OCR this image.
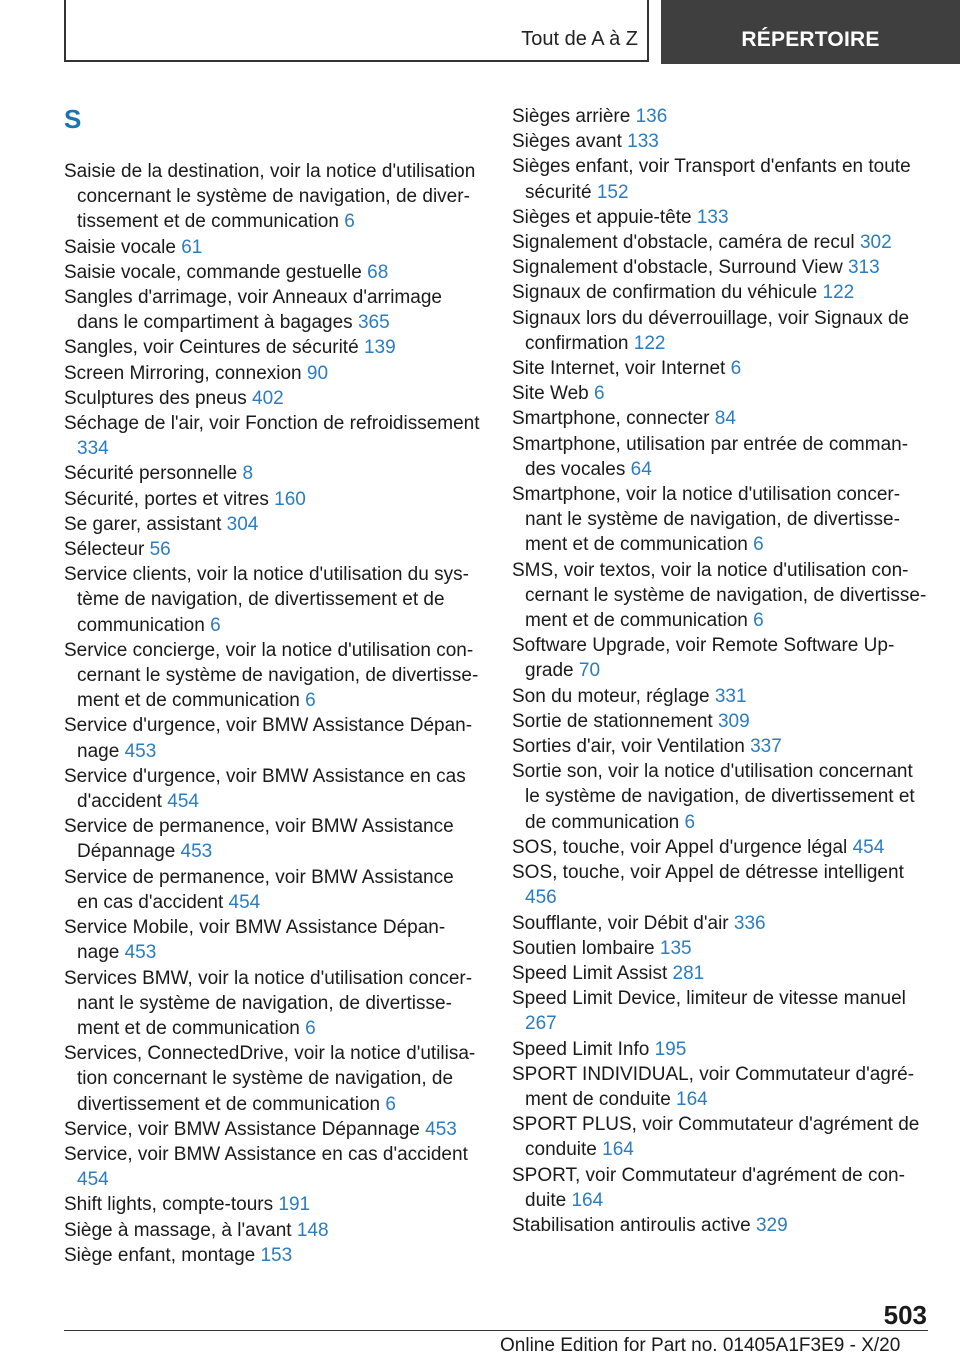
Tout de A à Z	RÉPERTOIRE
S
Saisie de la destination, voir la notice d'utilisation concernant le système de navigation, de divertissement et de communication 6
Saisie vocale 61
Saisie vocale, commande gestuelle 68
Sangles d'arrimage, voir Anneaux d'arrimage dans le compartiment à bagages 365
Sangles, voir Ceintures de sécurité 139
Screen Mirroring, connexion 90
Sculptures des pneus 402
Séchage de l'air, voir Fonction de refroidissement 334
Sécurité personnelle 8
Sécurité, portes et vitres 160
Se garer, assistant 304
Sélecteur 56
Service clients, voir la notice d'utilisation du système de navigation, de divertissement et de communication 6
Service concierge, voir la notice d'utilisation concernant le système de navigation, de divertissement et de communication 6
Service d'urgence, voir BMW Assistance Dépannage 453
Service d'urgence, voir BMW Assistance en cas d'accident 454
Service de permanence, voir BMW Assistance Dépannage 453
Service de permanence, voir BMW Assistance en cas d'accident 454
Service Mobile, voir BMW Assistance Dépannage 453
Services BMW, voir la notice d'utilisation concernant le système de navigation, de divertissement et de communication 6
Services, ConnectedDrive, voir la notice d'utilisation concernant le système de navigation, de divertissement et de communication 6
Service, voir BMW Assistance Dépannage 453
Service, voir BMW Assistance en cas d'accident 454
Shift lights, compte-tours 191
Siège à massage, à l'avant 148
Siège enfant, montage 153
Sièges arrière 136
Sièges avant 133
Sièges enfant, voir Transport d'enfants en toute sécurité 152
Sièges et appuie-tête 133
Signalement d'obstacle, caméra de recul 302
Signalement d'obstacle, Surround View 313
Signaux de confirmation du véhicule 122
Signaux lors du déverrouillage, voir Signaux de confirmation 122
Site Internet, voir Internet 6
Site Web 6
Smartphone, connecter 84
Smartphone, utilisation par entrée de commandes vocales 64
Smartphone, voir la notice d'utilisation concernant le système de navigation, de divertissement et de communication 6
SMS, voir textos, voir la notice d'utilisation concernant le système de navigation, de divertissement et de communication 6
Software Upgrade, voir Remote Software Upgrade 70
Son du moteur, réglage 331
Sortie de stationnement 309
Sorties d'air, voir Ventilation 337
Sortie son, voir la notice d'utilisation concernant le système de navigation, de divertissement et de communication 6
SOS, touche, voir Appel d'urgence légal 454
SOS, touche, voir Appel de détresse intelligent 456
Soufflante, voir Débit d'air 336
Soutien lombaire 135
Speed Limit Assist 281
Speed Limit Device, limiteur de vitesse manuel 267
Speed Limit Info 195
SPORT INDIVIDUAL, voir Commutateur d'agrément de conduite 164
SPORT PLUS, voir Commutateur d'agrément de conduite 164
SPORT, voir Commutateur d'agrément de conduite 164
Stabilisation antiroulis active 329
503
Online Edition for Part no. 01405A1F3E9 - X/20
